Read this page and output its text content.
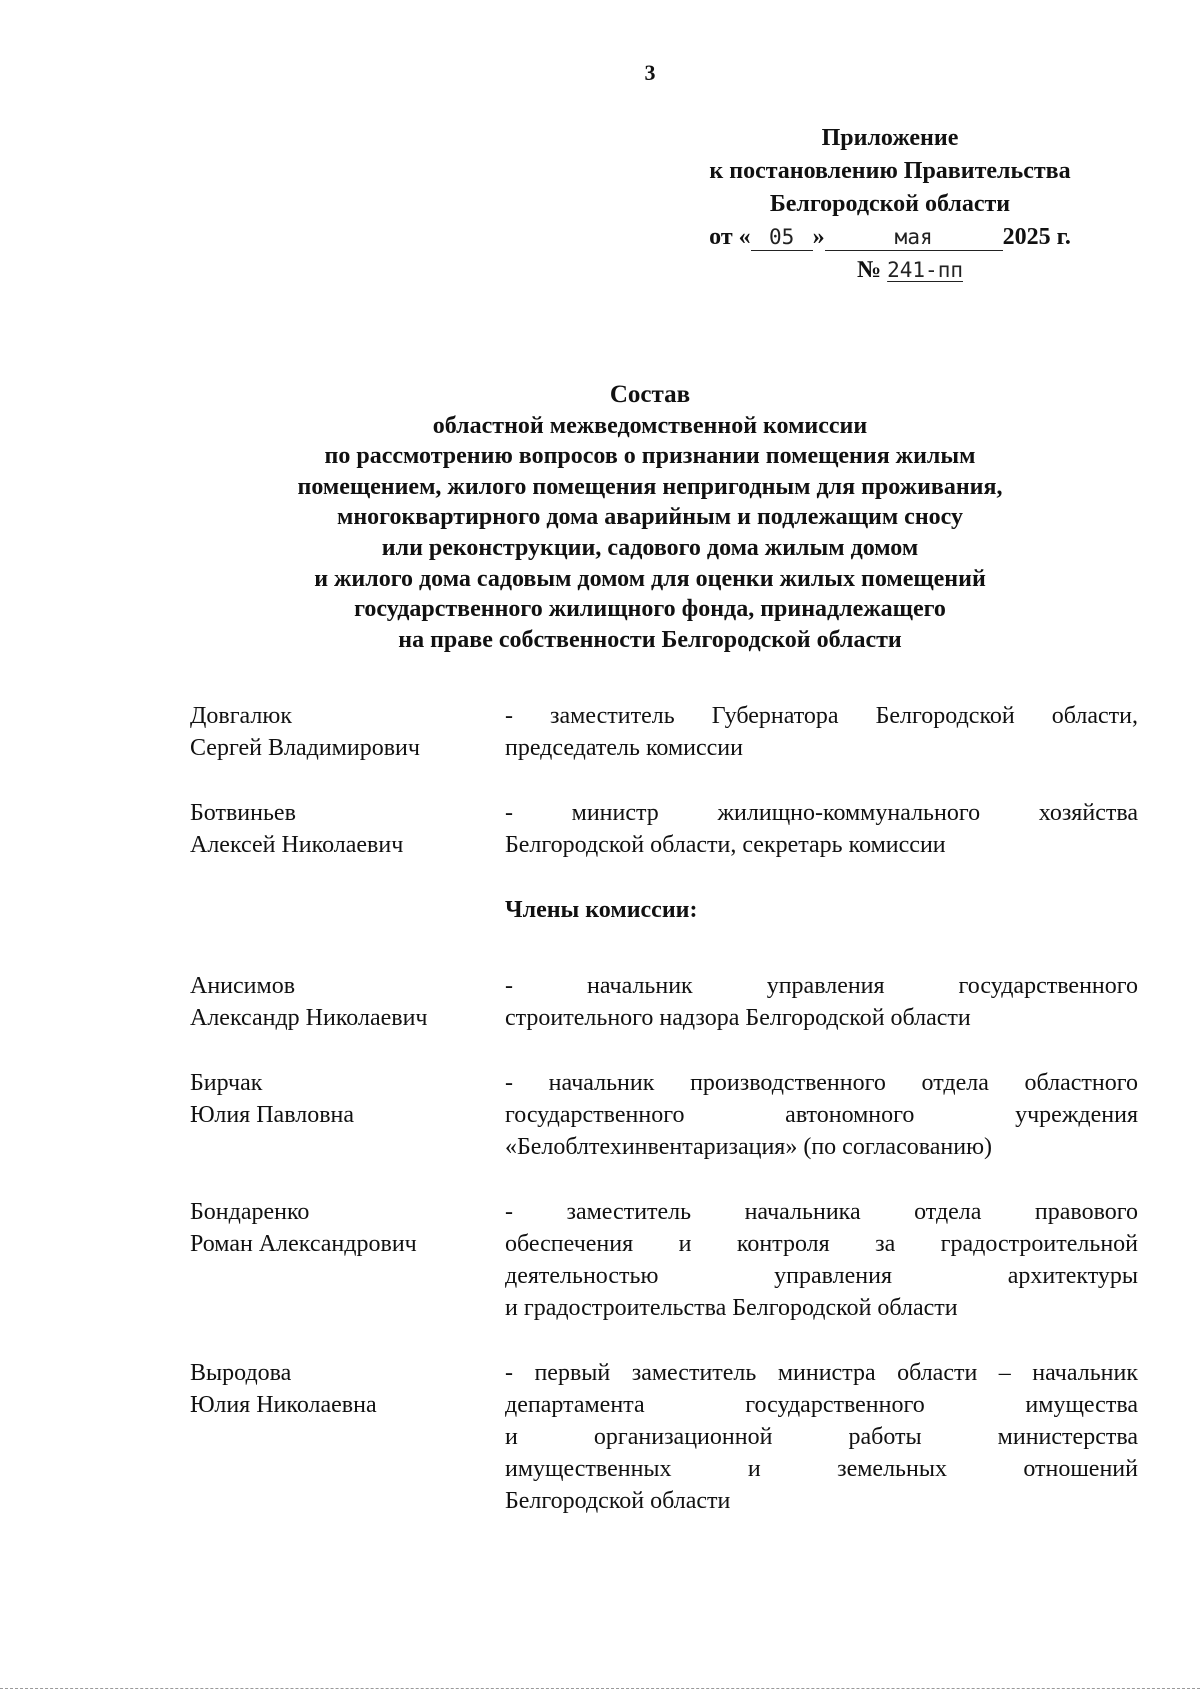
3
Приложение
к постановлению Правительства
Белгородской области
от « 05 »	мая	2025 г.
№ 241-пп
Состав
областной межведомственной комиссии
по рассмотрению вопросов о признании помещения жилым
помещением, жилого помещения непригодным для проживания,
многоквартирного дома аварийным и подлежащим сносу
или реконструкции, садового дома жилым домом
и жилого дома садовым домом для оценки жилых помещений
государственного жилищного фонда, принадлежащего
на праве собственности Белгородской области
Довгалюк
Сергей Владимирович
- заместитель Губернатора Белгородской области,
председатель комиссии
Ботвиньев
Алексей Николаевич
- министр жилищно-коммунального хозяйства
Белгородской области, секретарь комиссии
Члены комиссии:
Анисимов
Александр Николаевич
- начальник управления государственного
строительного надзора Белгородской области
Бирчак
Юлия Павловна
- начальник производственного отдела областного
государственного автономного учреждения
«Белоблтехинвентаризация» (по согласованию)
Бондаренко
Роман Александрович
- заместитель начальника отдела правового
обеспечения и контроля за градостроительной
деятельностью управления архитектуры
и градостроительства Белгородской области
Выродова
Юлия Николаевна
- первый заместитель министра области – начальник
департамента государственного имущества
и организационной работы министерства
имущественных и земельных отношений
Белгородской области
